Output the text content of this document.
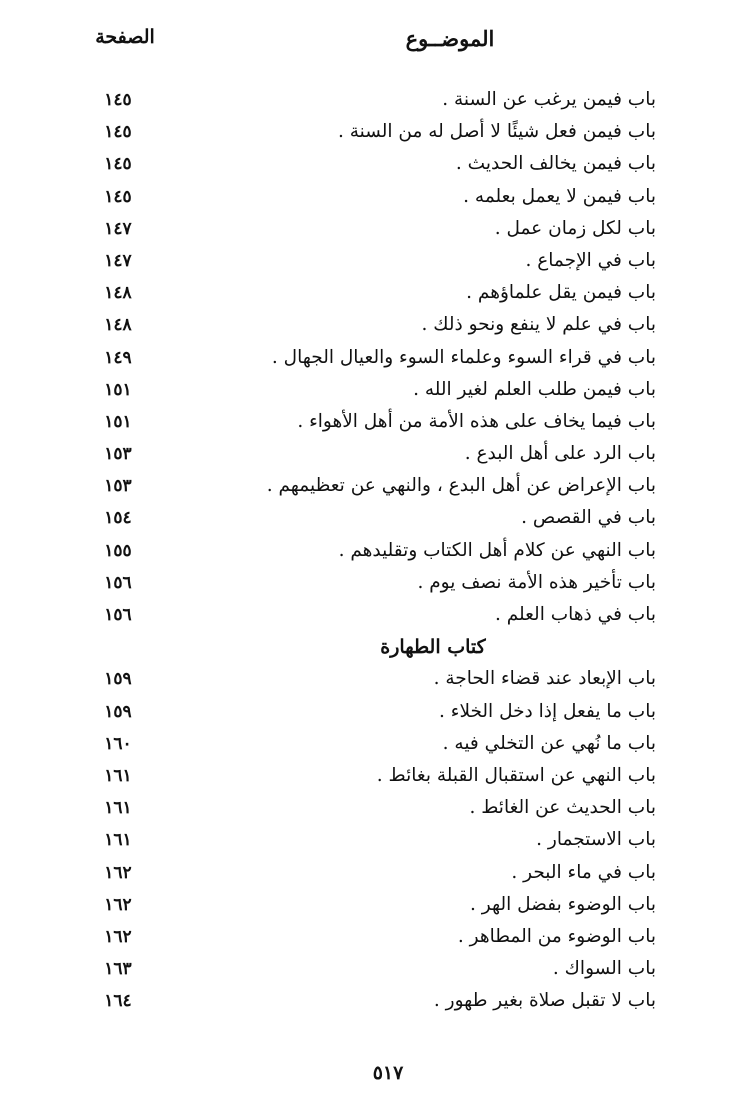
الموضــوع
الصفحة
باب فيمن يرغب عن السنة .
١٤٥
باب فيمن فعل شيئًا لا أصل له من السنة .
١٤٥
باب فيمن يخالف الحديث .
١٤٥
باب فيمن لا يعمل بعلمه .
١٤٥
باب لكل زمان عمل .
١٤٧
باب في الإجماع .
١٤٧
باب فيمن يقل علماؤهم .
١٤٨
باب في علم لا ينفع ونحو ذلك .
١٤٨
باب في قراء السوء وعلماء السوء والعيال الجهال .
١٤٩
باب فيمن طلب العلم لغير الله .
١٥١
باب فيما يخاف على هذه الأمة من أهل الأهواء .
١٥١
باب الرد على أهل البدع .
١٥٣
باب الإعراض عن أهل البدع ، والنهي عن تعظيمهم .
١٥٣
باب في القصص .
١٥٤
باب النهي عن كلام أهل الكتاب وتقليدهم .
١٥٥
باب تأخير هذه الأمة نصف يوم .
١٥٦
باب في ذهاب العلم .
١٥٦
كتاب الطهارة
باب الإبعاد عند قضاء الحاجة .
١٥٩
باب ما يفعل إذا دخل الخلاء .
١٥٩
باب ما نُهي عن التخلي فيه .
١٦٠
باب النهي عن استقبال القبلة بغائط .
١٦١
باب الحديث عن الغائط .
١٦١
باب الاستجمار .
١٦١
باب في ماء البحر .
١٦٢
باب الوضوء بفضل الهر .
١٦٢
باب الوضوء من المطاهر .
١٦٢
باب السواك .
١٦٣
باب لا تقبل صلاة بغير طهور .
١٦٤
٥١٧
